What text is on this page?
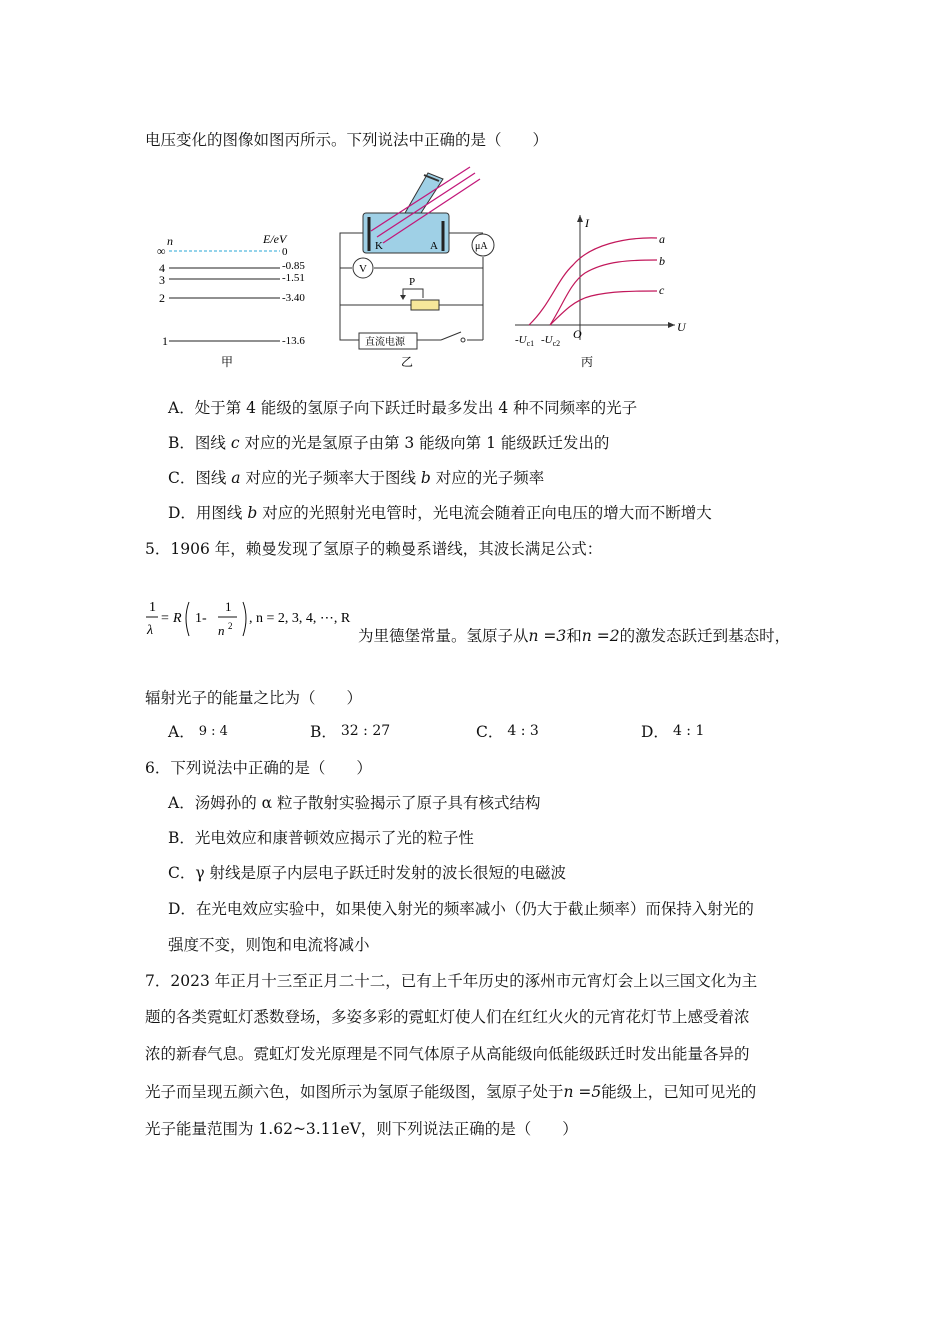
电压变化的图像如图丙所示。下列说法中正确的是（　　）
n	E/eV
∞
4
3
2
1
0
-0.85
-1.51
-3.40
-13.6
甲
K	A	μA
V
P
直流电源
乙
I
U
O
a
b
c
$-U_{c1}$ $-U_{c2}$
丙
A．处于第 4 能级的氢原子向下跃迁时最多发出 4 种不同频率的光子
B．图线 c 对应的光是氢原子由第 3 能级向第 1 能级跃迁发出的
C．图线 a 对应的光子频率大于图线 b 对应的光子频率
D．用图线 b 对应的光照射光电管时，光电流会随着正向电压的增大而不断增大
5．1906 年，赖曼发现了氢原子的赖曼系谱线，其波长满足公式：
1
λ
= R 1-
1
n 2 , n = 2, 3, 4, ⋯, R
为里德堡常量。氢原子从n =3和n =2的激发态跃迁到基态时，
辐射光子的能量之比为（　　）
A． 9 : 4	B． 32 : 27	C． 4 : 3	D． 4 : 1
6．下列说法中正确的是（　　）
A．汤姆孙的 α 粒子散射实验揭示了原子具有核式结构
B．光电效应和康普顿效应揭示了光的粒子性
C．γ 射线是原子内层电子跃迁时发射的波长很短的电磁波
D．在光电效应实验中，如果使入射光的频率减小（仍大于截止频率）而保持入射光的
强度不变，则饱和电流将减小
7．2023 年正月十三至正月二十二，已有上千年历史的涿州市元宵灯会上以三国文化为主
题的各类霓虹灯悉数登场，多姿多彩的霓虹灯使人们在红红火火的元宵花灯节上感受着浓
浓的新春气息。霓虹灯发光原理是不同气体原子从高能级向低能级跃迁时发出能量各异的
光子而呈现五颜六色，如图所示为氢原子能级图，氢原子处于n =5能级上，已知可见光的
光子能量范围为 1.62~3.11eV，则下列说法正确的是（　　）
